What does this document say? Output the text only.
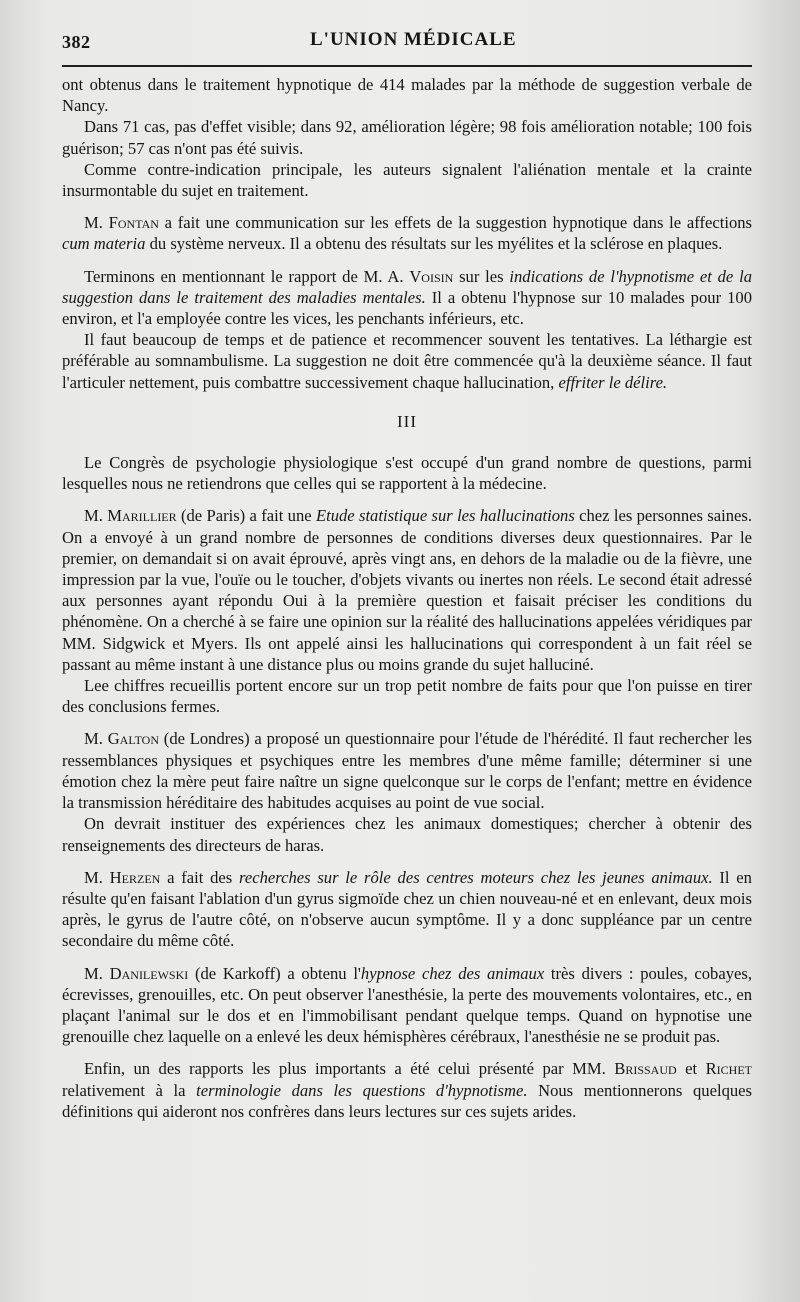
382	L'UNION MÉDICALE

ont obtenus dans le traitement hypnotique de 414 malades par la méthode de suggestion verbale de Nancy.

Dans 71 cas, pas d'effet visible; dans 92, amélioration légère; 98 fois amélioration notable; 100 fois guérison; 57 cas n'ont pas été suivis.

Comme contre-indication principale, les auteurs signalent l'aliénation mentale et la crainte insurmontable du sujet en traitement.

M. Fontan a fait une communication sur les effets de la suggestion hypnotique dans le affections cum materia du système nerveux. Il a obtenu des résultats sur les myélites et la sclérose en plaques.

Terminons en mentionnant le rapport de M. A. Voisin sur les indications de l'hypnotisme et de la suggestion dans le traitement des maladies mentales. Il a obtenu l'hypnose sur 10 malades pour 100 environ, et l'a employée contre les vices, les penchants inférieurs, etc.

Il faut beaucoup de temps et de patience et recommencer souvent les tentatives. La léthargie est préférable au somnambulisme. La suggestion ne doit être commencée qu'à la deuxième séance. Il faut l'articuler nettement, puis combattre successivement chaque hallucination, effriter le délire.

III

Le Congrès de psychologie physiologique s'est occupé d'un grand nombre de questions, parmi lesquelles nous ne retiendrons que celles qui se rapportent à la médecine.

M. Marillier (de Paris) a fait une Etude statistique sur les hallucinations chez les personnes saines. On a envoyé à un grand nombre de personnes de conditions diverses deux questionnaires. Par le premier, on demandait si on avait éprouvé, après vingt ans, en dehors de la maladie ou de la fièvre, une impression par la vue, l'ouïe ou le toucher, d'objets vivants ou inertes non réels. Le second était adressé aux personnes ayant répondu Oui à la première question et faisait préciser les conditions du phénomène. On a cherché à se faire une opinion sur la réalité des hallucinations appelées véridiques par MM. Sidgwick et Myers. Ils ont appelé ainsi les hallucinations qui correspondent à un fait réel se passant au même instant à une distance plus ou moins grande du sujet halluciné.

Lee chiffres recueillis portent encore sur un trop petit nombre de faits pour que l'on puisse en tirer des conclusions fermes.

M. Galton (de Londres) a proposé un questionnaire pour l'étude de l'hérédité. Il faut rechercher les ressemblances physiques et psychiques entre les membres d'une même famille; déterminer si une émotion chez la mère peut faire naître un signe quelconque sur le corps de l'enfant; mettre en évidence la transmission héréditaire des habitudes acquises au point de vue social.

On devrait instituer des expériences chez les animaux domestiques; chercher à obtenir des renseignements des directeurs de haras.

M. Herzen a fait des recherches sur le rôle des centres moteurs chez les jeunes animaux. Il en résulte qu'en faisant l'ablation d'un gyrus sigmoïde chez un chien nouveau-né et en enlevant, deux mois après, le gyrus de l'autre côté, on n'observe aucun symptôme. Il y a donc suppléance par un centre secondaire du même côté.

M. Danilewski (de Karkoff) a obtenu l'hypnose chez des animaux très divers : poules, cobayes, écrevisses, grenouilles, etc. On peut observer l'anesthésie, la perte des mouvements volontaires, etc., en plaçant l'animal sur le dos et en l'immobilisant pendant quelque temps. Quand on hypnotise une grenouille chez laquelle on a enlevé les deux hémisphères cérébraux, l'anesthésie ne se produit pas.

Enfin, un des rapports les plus importants a été celui présenté par MM. Brissaud et Richet relativement à la terminologie dans les questions d'hypnotisme. Nous mentionnerons quelques définitions qui aideront nos confrères dans leurs lectures sur ces sujets arides.
